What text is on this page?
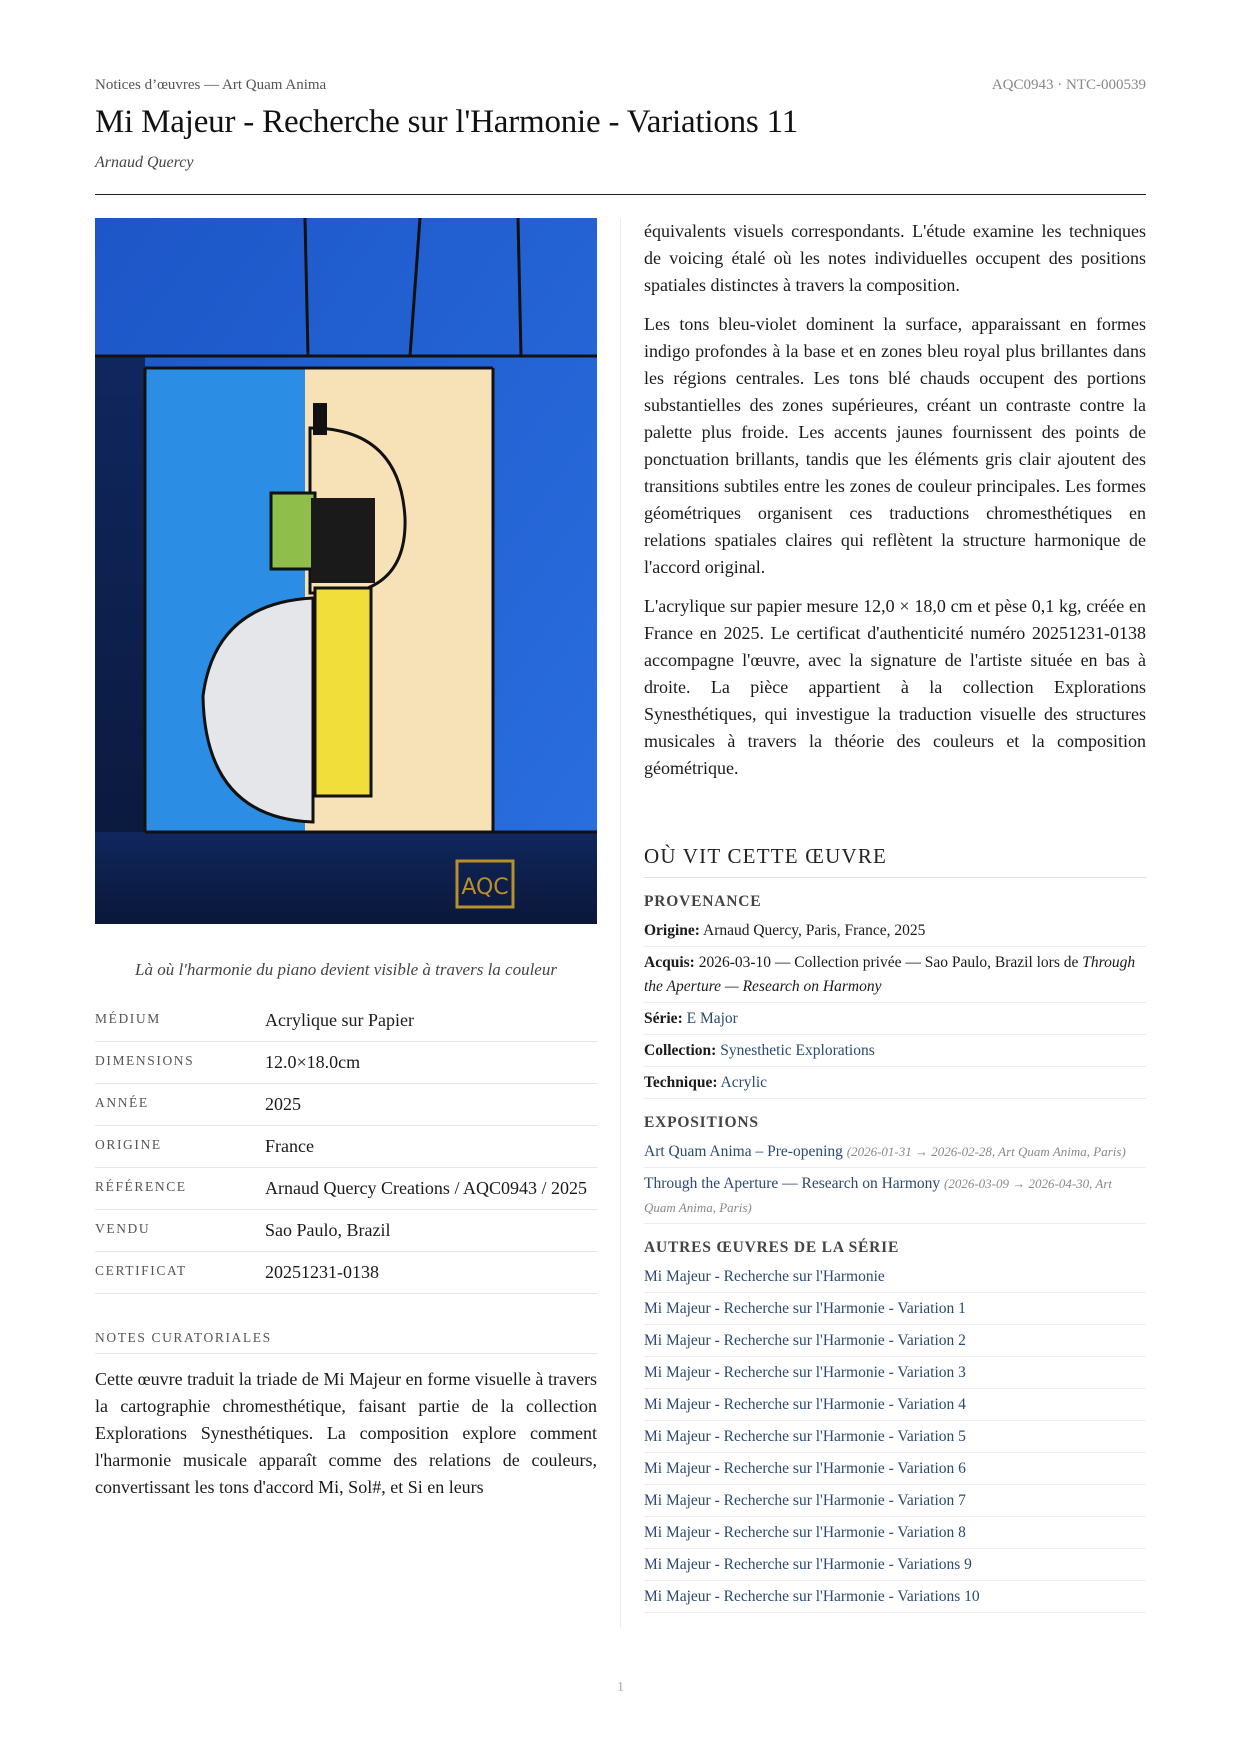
Notices d’œuvres — Art Quam Anima	AQC0943 · NTC-000539
Mi Majeur - Recherche sur l'Harmonie - Variations 11
Arnaud Quercy
AQC
Là où l'harmonie du piano devient visible à travers la couleur
MÉDIUM	Acrylique sur Papier
DIMENSIONS	12.0×18.0cm
ANNÉE	2025
ORIGINE	France
RÉFÉRENCE	Arnaud Quercy Creations / AQC0943 / 2025
VENDU	Sao Paulo, Brazil
CERTIFICAT	20251231-0138
NOTES CURATORIALES

Cette œuvre traduit la triade de Mi Majeur en forme visuelle à travers la cartographie chromesthétique, faisant partie de la collection Explorations Synesthétiques. La composition explore comment l'harmonie musicale apparaît comme des relations de couleurs, convertissant les tons d'accord Mi, Sol#, et Si en leurs

équivalents visuels correspondants. L'étude examine les techniques de voicing étalé où les notes individuelles occupent des positions spatiales distinctes à travers la composition.

Les tons bleu-violet dominent la surface, apparaissant en formes indigo profondes à la base et en zones bleu royal plus brillantes dans les régions centrales. Les tons blé chauds occupent des portions substantielles des zones supérieures, créant un contraste contre la palette plus froide. Les accents jaunes fournissent des points de ponctuation brillants, tandis que les éléments gris clair ajoutent des transitions subtiles entre les zones de couleur principales. Les formes géométriques organisent ces traductions chromesthétiques en relations spatiales claires qui reflètent la structure harmonique de l'accord original.

L'acrylique sur papier mesure 12,0 × 18,0 cm et pèse 0,1 kg, créée en France en 2025. Le certificat d'authenticité numéro 20251231-0138 accompagne l'œuvre, avec la signature de l'artiste située en bas à droite. La pièce appartient à la collection Explorations Synesthétiques, qui investigue la traduction visuelle des structures musicales à travers la théorie des couleurs et la composition géométrique.

OÙ VIT CETTE ŒUVRE
PROVENANCE
Origine: Arnaud Quercy, Paris, France, 2025
Acquis: 2026-03-10 — Collection privée — Sao Paulo, Brazil lors de Through the Aperture — Research on Harmony
Série: E Major
Collection: Synesthetic Explorations
Technique: Acrylic
EXPOSITIONS
Art Quam Anima – Pre-opening (2026-01-31 → 2026-02-28, Art Quam Anima, Paris)
Through the Aperture — Research on Harmony (2026-03-09 → 2026-04-30, Art Quam Anima, Paris)
AUTRES ŒUVRES DE LA SÉRIE
Mi Majeur - Recherche sur l'Harmonie
Mi Majeur - Recherche sur l'Harmonie - Variation 1
Mi Majeur - Recherche sur l'Harmonie - Variation 2
Mi Majeur - Recherche sur l'Harmonie - Variation 3
Mi Majeur - Recherche sur l'Harmonie - Variation 4
Mi Majeur - Recherche sur l'Harmonie - Variation 5
Mi Majeur - Recherche sur l'Harmonie - Variation 6
Mi Majeur - Recherche sur l'Harmonie - Variation 7
Mi Majeur - Recherche sur l'Harmonie - Variation 8
Mi Majeur - Recherche sur l'Harmonie - Variations 9
Mi Majeur - Recherche sur l'Harmonie - Variations 10
1
